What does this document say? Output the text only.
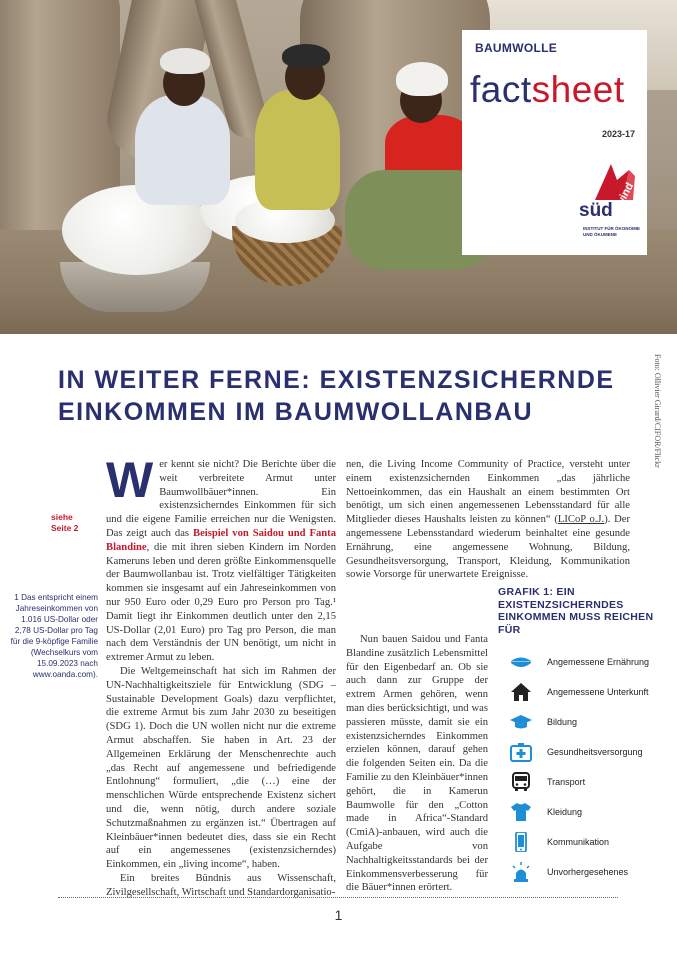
BAUMWOLLE
factsheet
2023-17
süd
wind
INSTITUT FÜR ÖKONOMIE UND ÖKUMENE
Foto: Ollivier Girard/CIFOR/Flickr
IN WEITER FERNE: EXISTENZSICHERNDE
EINKOMMEN IM BAUMWOLLANBAU
siehe
Seite 2
1 Das entspricht einem Jahreseinkommen von 1.016 US-Dollar oder 2,78 US-Dollar pro Tag für die 9-köpfige Familie (Wechselkurs vom 15.09.2023 nach www.oanda.com).

Wer kennt sie nicht? Die Berichte über die weit verbreitete Armut unter Baumwollbäuer*innen. Ein existenzsicherndes Einkommen für sich und die eigene Familie erreichen nur die Wenigsten. Das zeigt auch das Beispiel von Saidou und Fanta Blandine, die mit ihren sieben Kindern im Norden Kameruns leben und deren größte Einkommensquelle der Baumwollanbau ist. Trotz vielfältiger Tätigkeiten kommen sie insgesamt auf ein Jahreseinkommen von nur 950 Euro oder 0,29 Euro pro Person pro Tag.¹ Damit liegt ihr Einkommen deutlich unter den 2,15 US-Dollar (2,01 Euro) pro Tag pro Person, die man nach dem Verständnis der UN benötigt, um nicht in extremer Armut zu leben.

Die Weltgemeinschaft hat sich im Rahmen der UN-Nachhaltigkeitsziele für Entwicklung (SDG – Sustainable Development Goals) dazu verpflichtet, die extreme Armut bis zum Jahr 2030 zu beseitigen (SDG 1). Doch die UN wollen nicht nur die extreme Armut abschaffen. Sie haben in Art. 23 der Allgemeinen Erklärung der Menschenrechte auch „das Recht auf angemessene und befriedigende Entlohnung“ formuliert, „die (…) eine der menschlichen Würde entsprechende Existenz sichert und die, wenn nötig, durch andere soziale Schutzmaßnahmen zu ergänzen ist.“ Übertragen auf Kleinbäuer*innen bedeutet dies, dass sie ein Recht auf ein angemessenes (existenzsicherndes) Einkommen, ein „living income“, haben.

Ein breites Bündnis aus Wissenschaft, Zivilgesellschaft, Wirtschaft und Standardorganisatio-

nen, die Living Income Community of Practice, versteht unter einem existenzsichernden Einkommen „das jährliche Nettoeinkommen, das ein Haushalt an einem bestimmten Ort benötigt, um sich einen angemessenen Lebensstandard für alle Mitglieder dieses Haushalts leisten zu können“ (LICoP o.J.). Der angemessene Lebensstandard wiederum beinhaltet eine gesunde Ernährung, eine angemessene Wohnung, Bildung, Gesundheitsversorgung, Transport, Kleidung, Kommunikation sowie Vorsorge für unerwartete Ereignisse.

Nun bauen Saidou und Fanta Blandine zusätzlich Lebensmittel für den Eigenbedarf an. Ob sie auch dann zur Gruppe der extrem Armen gehören, wenn man dies berücksichtigt, und was passieren müsste, damit sie ein existenzsicherndes Einkommen erzielen können, darauf gehen die folgenden Seiten ein. Da die Familie zu den Kleinbäuer*innen gehört, die in Kamerun Baumwolle für den „Cotton made in Africa“-Standard (CmiA)-anbauen, wird auch die Aufgabe von Nachhaltigkeitsstandards bei der Einkommensverbesserung für die Bäuer*innen erörtert.

GRAFIK 1: EIN EXISTENZSICHERNDES EINKOMMEN MUSS REICHEN FÜR
Angemessene Ernährung
Angemessene Unterkunft
Bildung
Gesundheitsversorgung
Transport
Kleidung
Kommunikation
Unvorhergesehenes
1
